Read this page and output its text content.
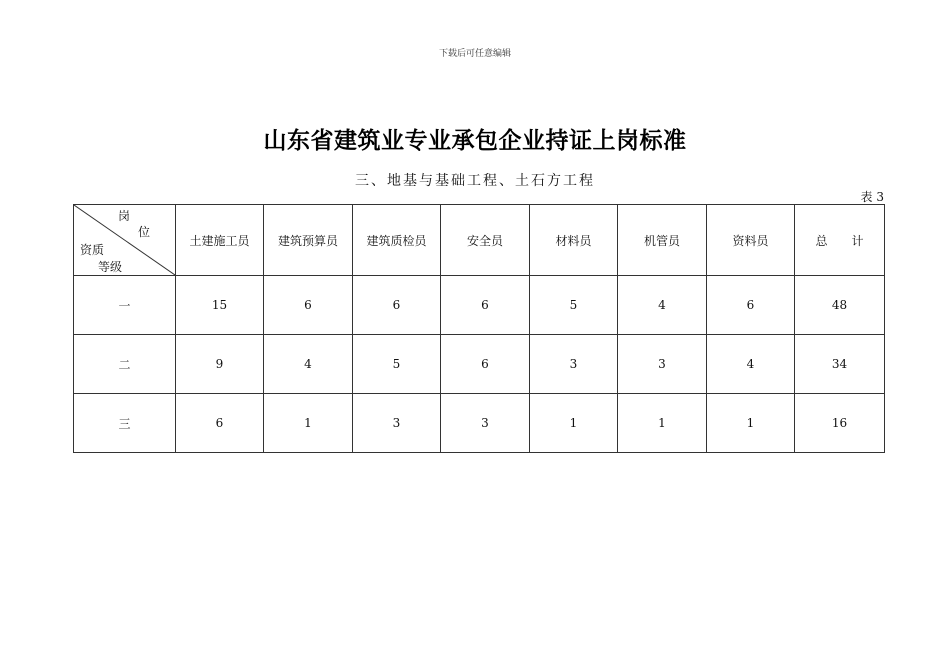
下载后可任意编辑
山东省建筑业专业承包企业持证上岗标准
三、地基与基础工程、土石方工程
表 3
岗
位
资质
等级	土建施工员	建筑预算员	建筑质检员	安全员	材料员	机管员	资料员	总　　计
一	15	6	6	6	5	4	6	48
二	9	4	5	6	3	3	4	34
三	6	1	3	3	1	1	1	16
